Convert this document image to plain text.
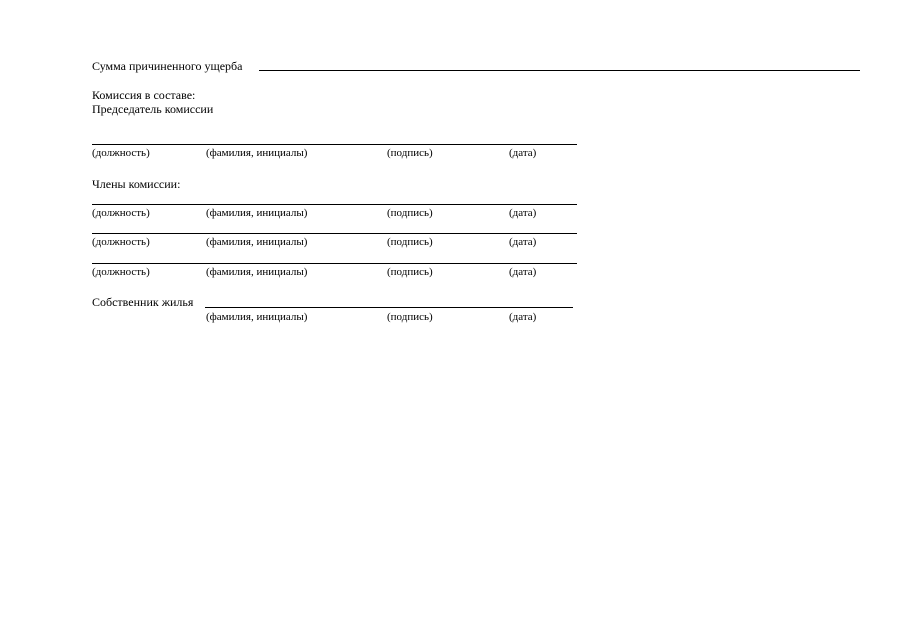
Сумма причиненного ущерба
Комиссия в составе:
Председатель комиссии
(должность)	(фамилия, инициалы)	(подпись)	(дата)
Члены комиссии:
(должность)	(фамилия, инициалы)	(подпись)	(дата)
(должность)	(фамилия, инициалы)	(подпись)	(дата)
(должность)	(фамилия, инициалы)	(подпись)	(дата)
Собственник жилья
(фамилия, инициалы)	(подпись)	(дата)
